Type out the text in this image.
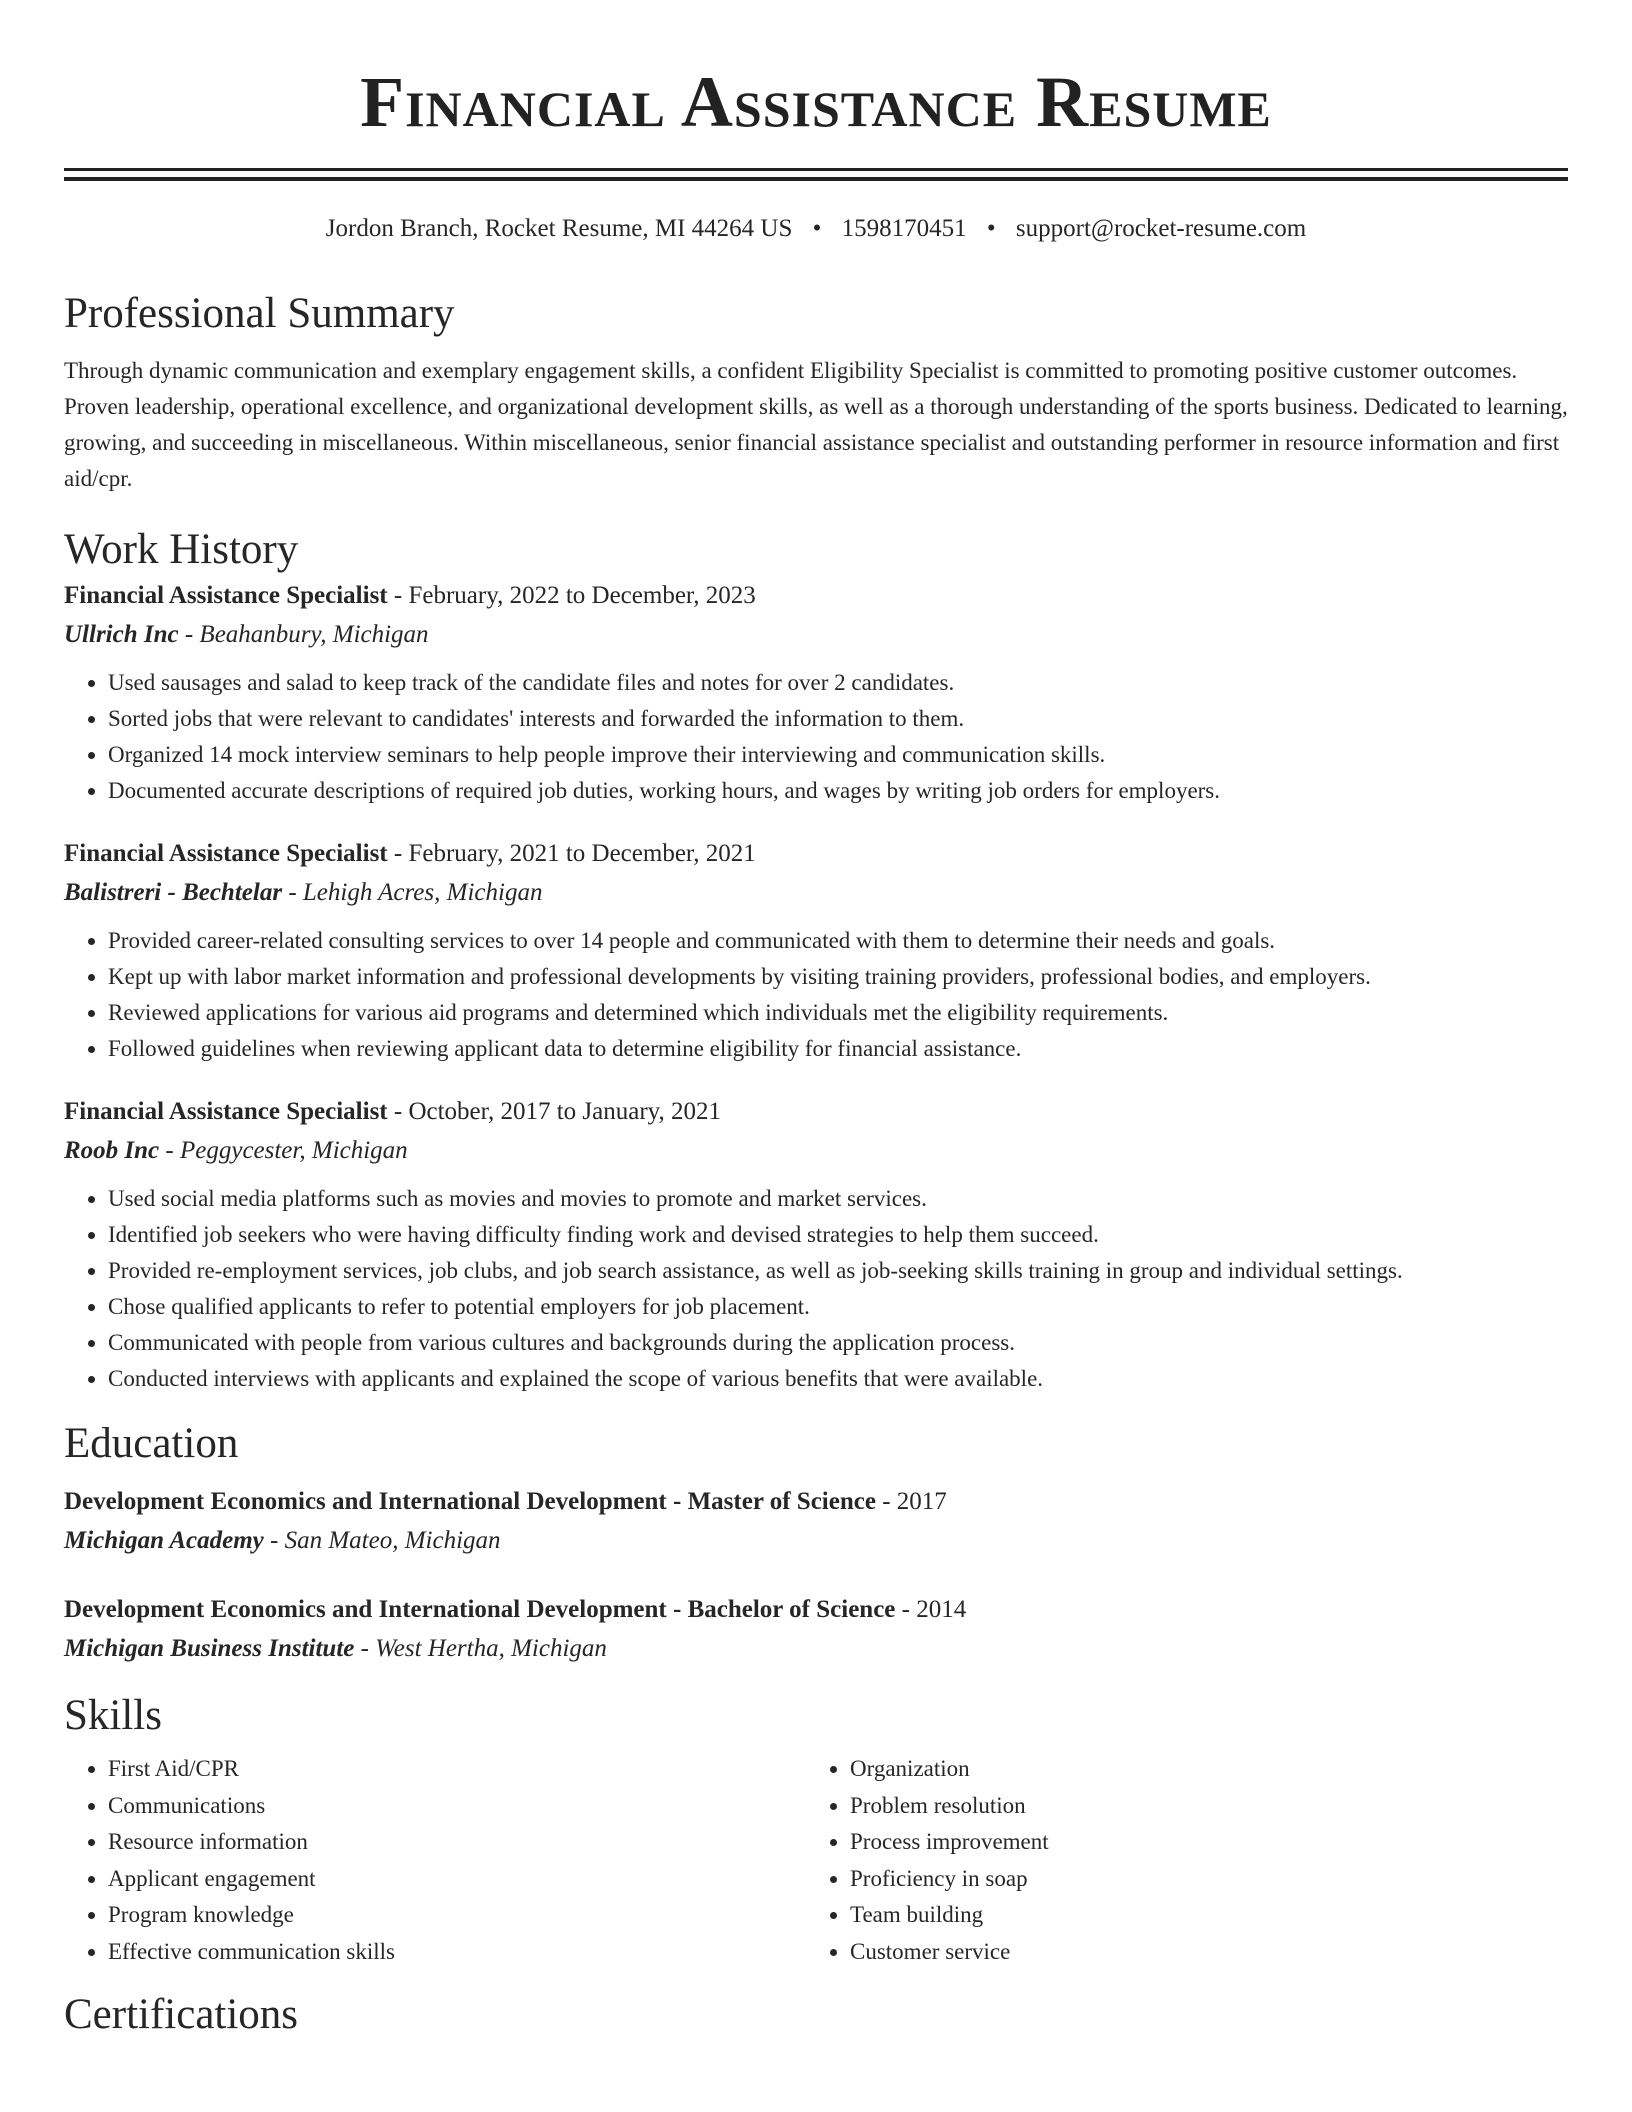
Financial Assistance Resume
Jordon Branch, Rocket Resume, MI 44264 US • 1598170451 • support@rocket-resume.com
Professional Summary

Through dynamic communication and exemplary engagement skills, a confident Eligibility Specialist is committed to promoting positive customer outcomes. Proven leadership, operational excellence, and organizational development skills, as well as a thorough understanding of the sports business. Dedicated to learning, growing, and succeeding in miscellaneous. Within miscellaneous, senior financial assistance specialist and outstanding performer in resource information and first aid/cpr.

Work History
Financial Assistance Specialist - February, 2022 to December, 2023
Ullrich Inc - Beahanbury, Michigan
• Used sausages and salad to keep track of the candidate files and notes for over 2 candidates.
• Sorted jobs that were relevant to candidates' interests and forwarded the information to them.
• Organized 14 mock interview seminars to help people improve their interviewing and communication skills.
• Documented accurate descriptions of required job duties, working hours, and wages by writing job orders for employers.
Financial Assistance Specialist - February, 2021 to December, 2021
Balistreri - Bechtelar - Lehigh Acres, Michigan
• Provided career-related consulting services to over 14 people and communicated with them to determine their needs and goals.
• Kept up with labor market information and professional developments by visiting training providers, professional bodies, and employers.
• Reviewed applications for various aid programs and determined which individuals met the eligibility requirements.
• Followed guidelines when reviewing applicant data to determine eligibility for financial assistance.
Financial Assistance Specialist - October, 2017 to January, 2021
Roob Inc - Peggycester, Michigan
• Used social media platforms such as movies and movies to promote and market services.
• Identified job seekers who were having difficulty finding work and devised strategies to help them succeed.
• Provided re-employment services, job clubs, and job search assistance, as well as job-seeking skills training in group and individual settings.
• Chose qualified applicants to refer to potential employers for job placement.
• Communicated with people from various cultures and backgrounds during the application process.
• Conducted interviews with applicants and explained the scope of various benefits that were available.
Education
Development Economics and International Development - Master of Science - 2017
Michigan Academy - San Mateo, Michigan
Development Economics and International Development - Bachelor of Science - 2014
Michigan Business Institute - West Hertha, Michigan
Skills
• First Aid/CPR
• Communications
• Resource information
• Applicant engagement
• Program knowledge
• Effective communication skills
• Organization
• Problem resolution
• Process improvement
• Proficiency in soap
• Team building
• Customer service
Certifications
